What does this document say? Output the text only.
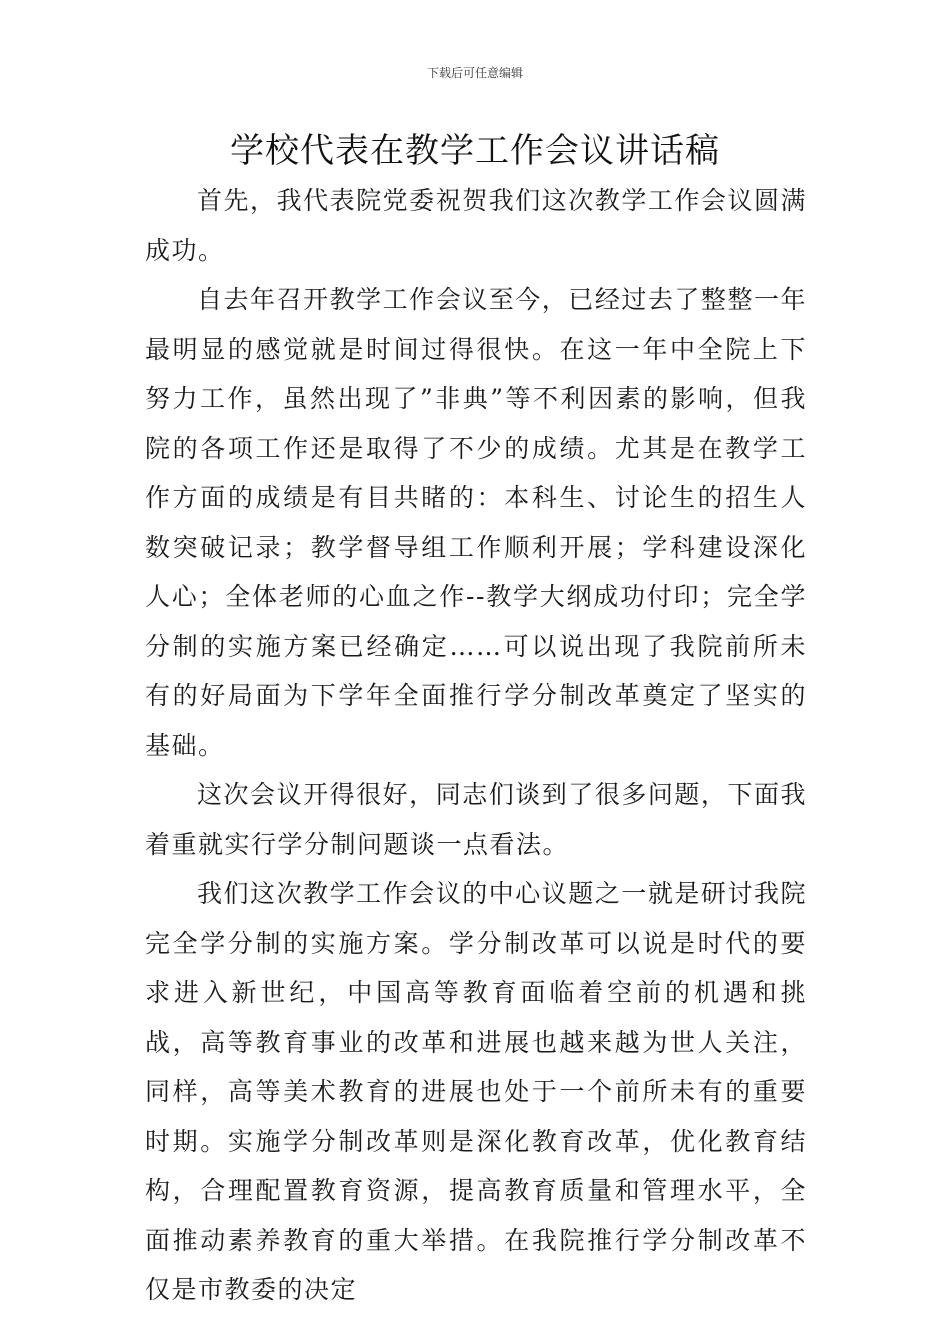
下载后可任意编辑
学校代表在教学工作会议讲话稿

首先，我代表院党委祝贺我们这次教学工作会议圆满成功。

自去年召开教学工作会议至今，已经过去了整整一年最明显的感觉就是时间过得很快。在这一年中全院上下努力工作，虽然出现了”非典”等不利因素的影响，但我院的各项工作还是取得了不少的成绩。尤其是在教学工作方面的成绩是有目共睹的：本科生、讨论生的招生人数突破记录；教学督导组工作顺利开展；学科建设深化人心；全体老师的心血之作--教学大纲成功付印；完全学分制的实施方案已经确定……可以说出现了我院前所未有的好局面为下学年全面推行学分制改革奠定了坚实的基础。

这次会议开得很好，同志们谈到了很多问题，下面我着重就实行学分制问题谈一点看法。

我们这次教学工作会议的中心议题之一就是研讨我院完全学分制的实施方案。学分制改革可以说是时代的要求进入新世纪，中国高等教育面临着空前的机遇和挑战，高等教育事业的改革和进展也越来越为世人关注，同样，高等美术教育的进展也处于一个前所未有的重要时期。实施学分制改革则是深化教育改革，优化教育结构，合理配置教育资源，提高教育质量和管理水平，全面推动素养教育的重大举措。在我院推行学分制改革不仅是市教委的决定
